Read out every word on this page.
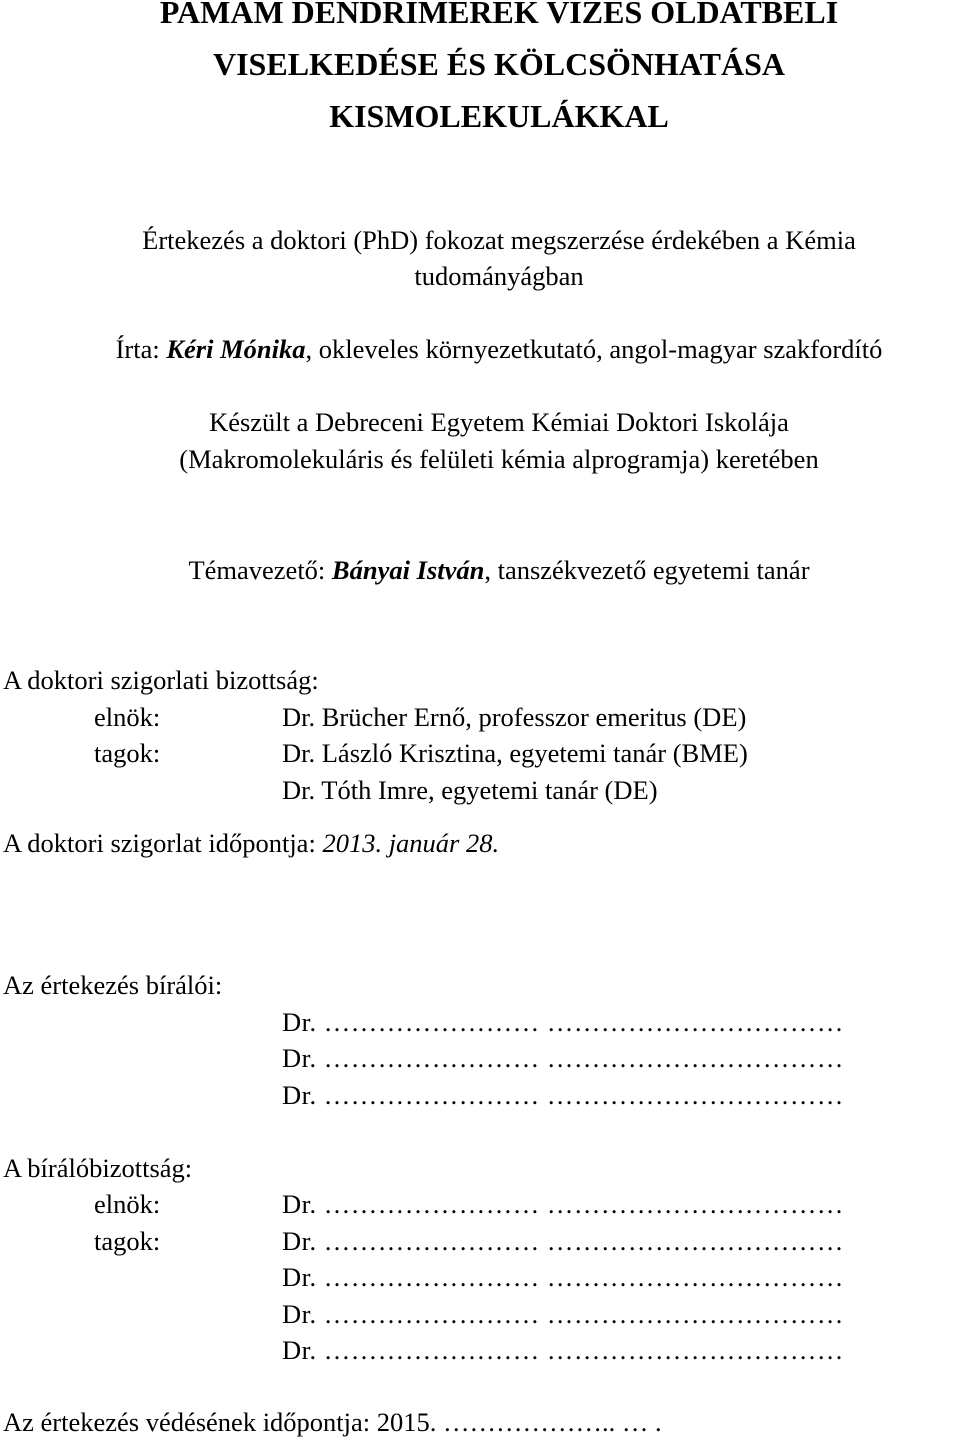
PAMAM DENDRIMEREK VIZES OLDATBELI
VISELKEDÉSE ÉS KÖLCSÖNHATÁSA
KISMOLEKULÁKKAL
Értekezés a doktori (PhD) fokozat megszerzése érdekében a Kémia
tudományágban
Írta: Kéri Mónika, okleveles környezetkutató, angol-magyar szakfordító
Készült a Debreceni Egyetem Kémiai Doktori Iskolája
(Makromolekuláris és felületi kémia alprogramja) keretében
Témavezető: Bányai István, tanszékvezető egyetemi tanár
A doktori szigorlati bizottság:
elnök:	Dr. Brücher Ernő, professzor emeritus (DE)
tagok:	Dr. László Krisztina, egyetemi tanár (BME)
Dr. Tóth Imre, egyetemi tanár (DE)
A doktori szigorlat időpontja: 2013. január 28.
Az értekezés bírálói:
Dr. …………………… ……………………………
Dr. …………………… ……………………………
Dr. …………………… ……………………………
A bírálóbizottság:
elnök:	Dr. …………………… ……………………………
tagok:	Dr. …………………… ……………………………
Dr. …………………… ……………………………
Dr. …………………… ……………………………
Dr. …………………… ……………………………
Az értekezés védésének időpontja: 2015. ……………….. … .
